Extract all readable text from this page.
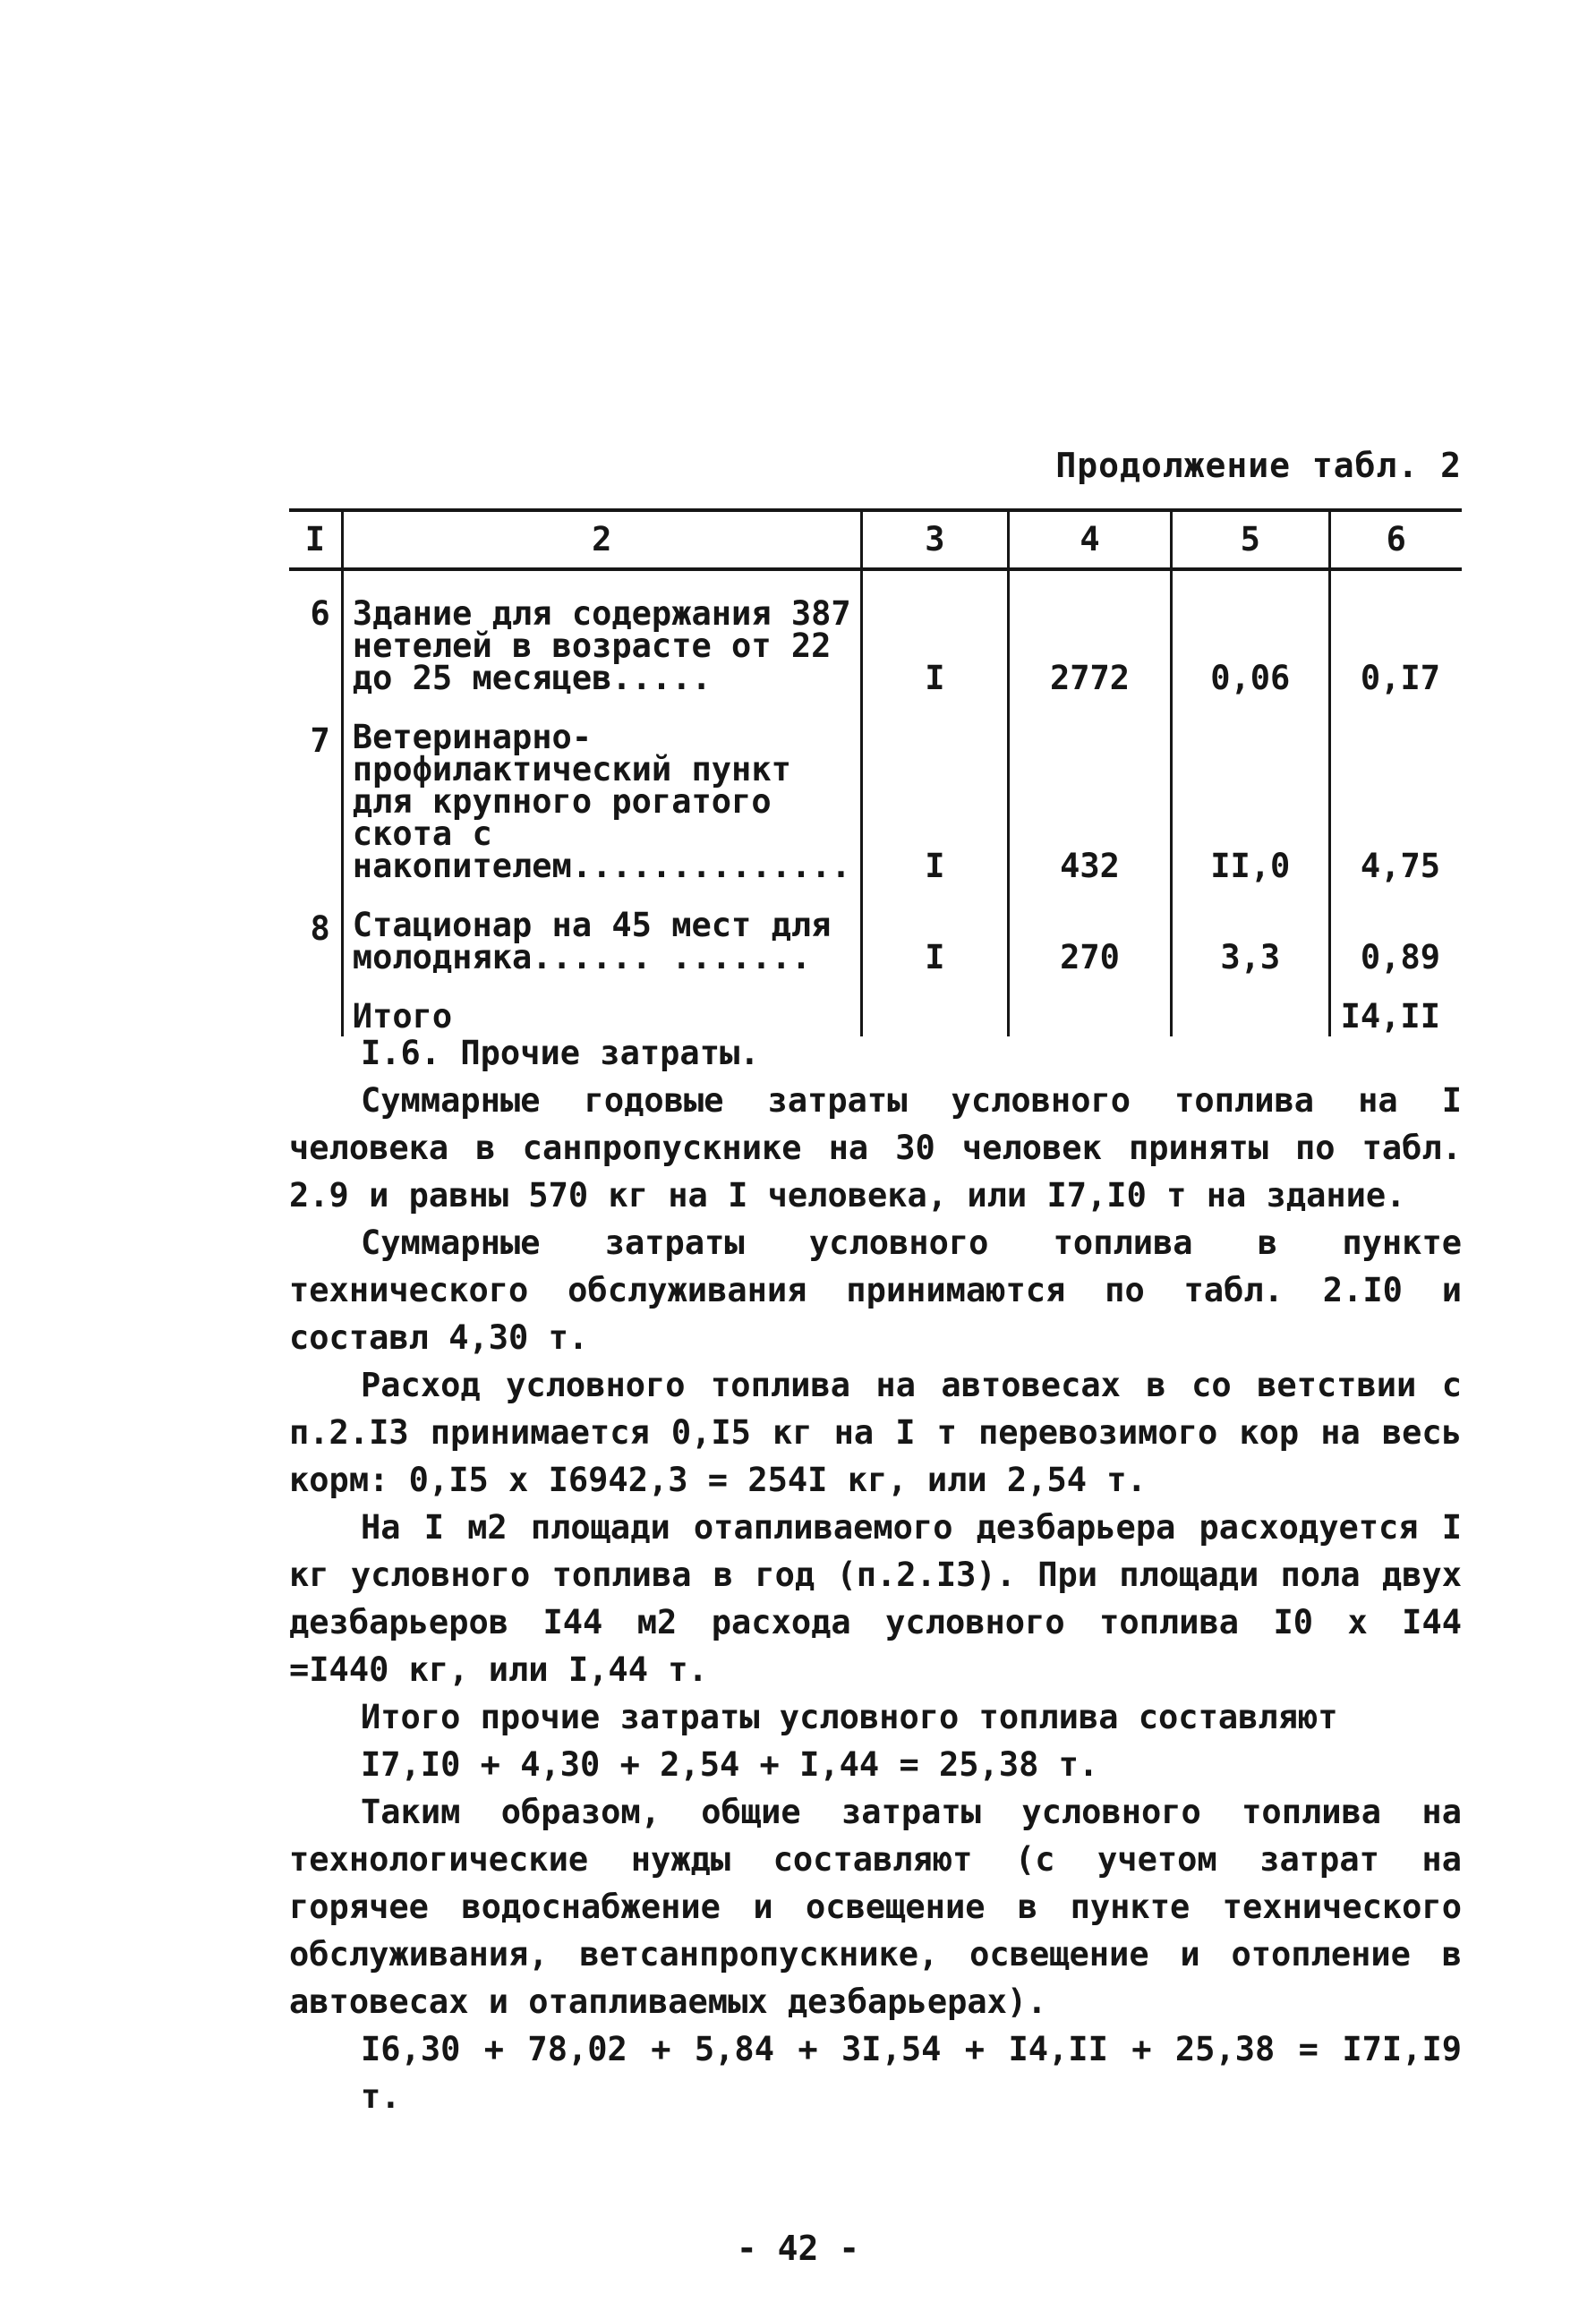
Продолжение табл. 2
I	2	3	4	5	6
6	Здание для содержания 387 нетелей в возрасте от 22 до 25 месяцев.....	I	2772	0,06	0,I7
7	Ветеринарно-профилактический пункт для крупного рогатого скота с накопителем..............	I	432	II,0	4,75
8	Стационар на 45 мест для молодняка...... .......	I	270	3,3	0,89

	Итого				I4,II

I.6. Прочие затраты.

Суммарные годовые затраты условного топлива на I человека в санпропускнике на 30 человек приняты по табл. 2.9 и равны 570 кг на I человека, или I7,I0 т на здание.

Суммарные затраты условного топлива в пункте технического обслуживания принимаются по табл. 2.I0 и составл 4,30 т.

Расход условного топлива на автовесах в со ветствии с п.2.I3 принимается 0,I5 кг на I т перевозимого кор на весь корм: 0,I5 х I6942,3 = 254I кг, или 2,54 т.

На I м2 площади отапливаемого дезбарьера расходуется I кг условного топлива в год (п.2.I3). При площади пола двух дезбарьеров I44 м2 расхода условного топлива I0 х I44 =I440 кг, или I,44 т.

Итого прочие затраты условного топлива составляют

I7,I0 + 4,30 + 2,54 + I,44 = 25,38 т.

Таким образом, общие затраты условного топлива на технологические нужды составляют (с учетом затрат на горячее водоснабжение и освещение в пункте технического обслуживания, ветсанпропускнике, освещение и отопление в автовесах и отапливаемых дезбарьерах).

I6,30 + 78,02 + 5,84 + 3I,54 + I4,II + 25,38 = I7I,I9 т.

- 42 -
